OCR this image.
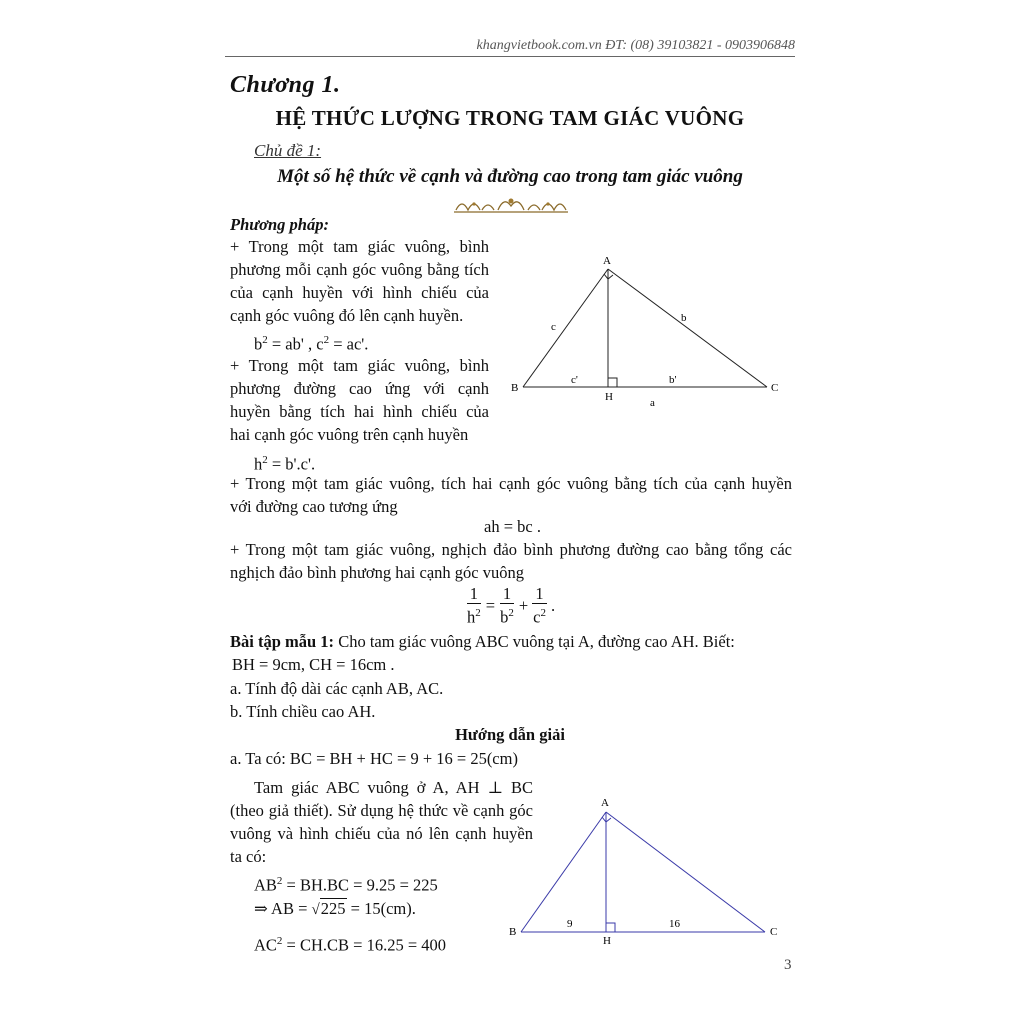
khangvietbook.com.vn ĐT: (08) 39103821 - 0903906848
Chương 1.
HỆ THỨC LƯỢNG TRONG TAM GIÁC VUÔNG
Chủ đề 1:
Một số hệ thức về cạnh và đường cao trong tam giác vuông
Phương pháp:
+ Trong một tam giác vuông, bình
phương mỗi cạnh góc vuông bằng tích
của cạnh huyền với hình chiếu của
cạnh góc vuông đó lên cạnh huyền.
$b^2 = ab'$ , $c^2 = ac'$.
+ Trong một tam giác vuông, bình
phương đường cao ứng với cạnh
huyền bằng tích hai hình chiếu của
hai cạnh góc vuông trên cạnh huyền
$h^2 = b'.c'$.
+ Trong một tam giác vuông, tích hai cạnh góc vuông bằng tích của cạnh huyền
với đường cao tương ứng
ah = bc .
+ Trong một tam giác vuông, nghịch đảo bình phương đường cao bằng tổng các
nghịch đảo bình phương hai cạnh góc vuông
$\frac{1}{h^2} = \frac{1}{b^2} + \frac{1}{c^2}$ .
A
B	C
H
c
b
a
c'	b'
Bài tập mẫu 1: Cho tam giác vuông ABC vuông tại A, đường cao AH. Biết:
BH = 9cm, CH = 16cm .
a. Tính độ dài các cạnh AB, AC.
b. Tính chiều cao AH.
Hướng dẫn giải
a. Ta có: BC = BH + HC = 9 + 16 = 25(cm)
Tam giác ABC vuông ở A, AH ⊥ BC
(theo giả thiết). Sử dụng hệ thức về cạnh góc
vuông và hình chiếu của nó lên cạnh huyền
ta có:
$AB^2 = BH.BC = 9.25 = 225$
⇒ AB = √225 = 15(cm).
$AC^2 = CH.CB = 16.25 = 400$
A
B	C
H
9	16
3
